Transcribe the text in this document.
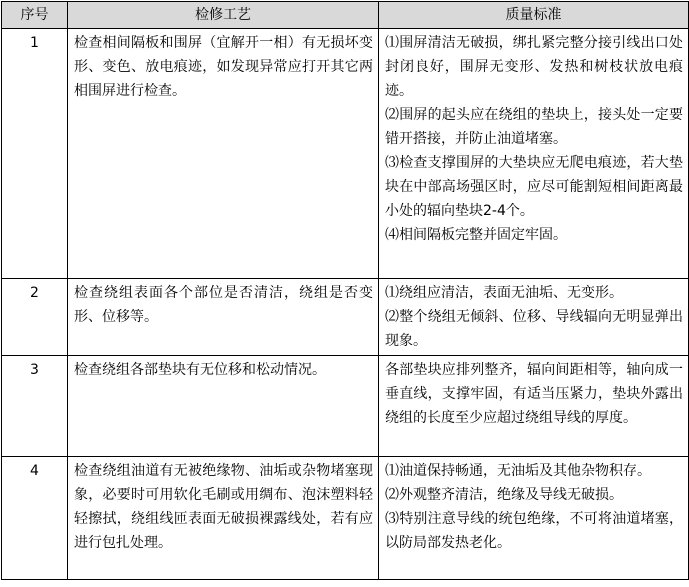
序号	检修工艺	质量标准
1	检查相间隔板和围屏（宜解开一相）有无损坏变形、变色、放电痕迹，如发现异常应打开其它两相围屏进行检查。	⑴围屏清洁无破损，绑扎紧完整分接引线出口处封闭良好，围屏无变形、发热和树枝状放电痕迹。
⑵围屏的起头应在绕组的垫块上，接头处一定要错开搭接，并防止油道堵塞。
⑶检查支撑围屏的大垫块应无爬电痕迹，若大垫块在中部高场强区时，应尽可能割短相间距离最小处的辐向垫块2-4个。
⑷相间隔板完整并固定牢固。

2	检查绕组表面各个部位是否清洁，绕组是否变形、位移等。	⑴绕组应清洁，表面无油垢、无变形。
⑵整个绕组无倾斜、位移、导线辐向无明显弹出现象。

3	检查绕组各部垫块有无位移和松动情况。	各部垫块应排列整齐，辐向间距相等，轴向成一垂直线，支撑牢固，有适当压紧力，垫块外露出绕组的长度至少应超过绕组导线的厚度。

4	检查绕组油道有无被绝缘物、油垢或杂物堵塞现象，必要时可用软化毛刷或用绸布、泡沫塑料轻轻擦拭，绕组线匝表面无破损裸露线处，若有应进行包扎处理。	⑴油道保持畅通，无油垢及其他杂物积存。
⑵外观整齐清洁，绝缘及导线无破损。
⑶特别注意导线的统包绝缘，不可将油道堵塞，以防局部发热老化。
